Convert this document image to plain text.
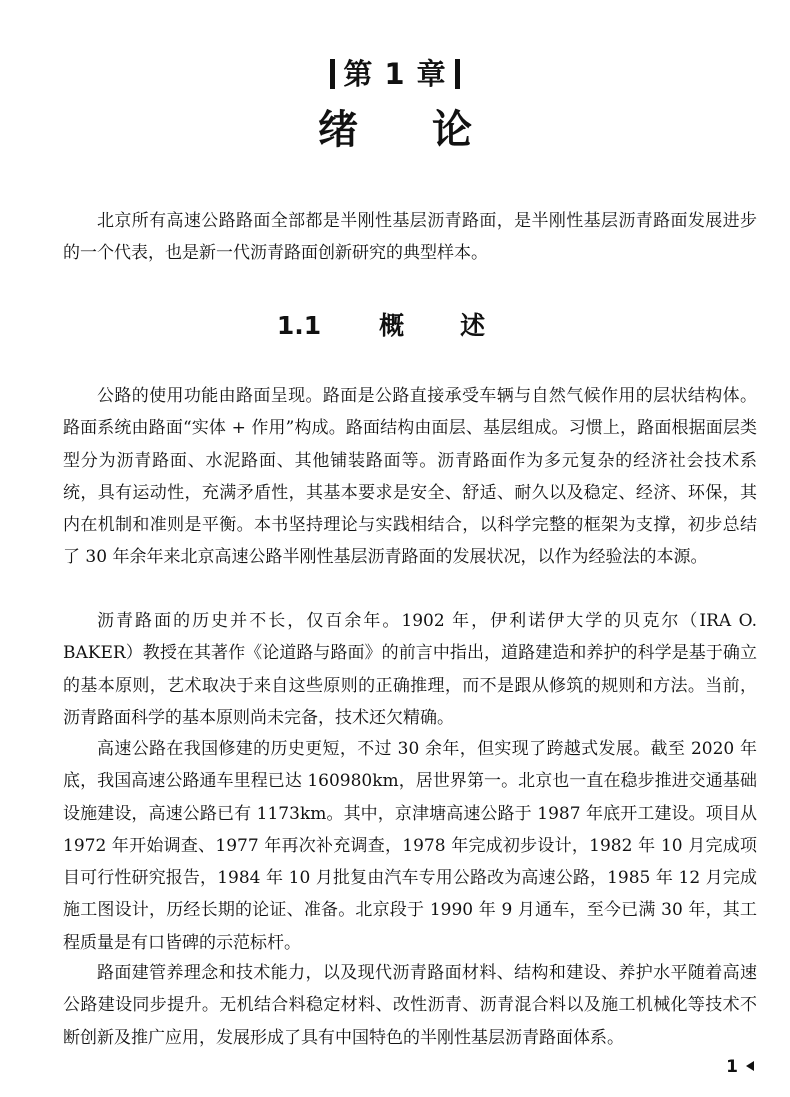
第 1 章
绪 论

北京所有高速公路路面全部都是半刚性基层沥青路面，是半刚性基层沥青路面发展进步的一个代表，也是新一代沥青路面创新研究的典型样本。

1.1 概 述

公路的使用功能由路面呈现。路面是公路直接承受车辆与自然气候作用的层状结构体。路面系统由路面“实体 + 作用”构成。路面结构由面层、基层组成。习惯上，路面根据面层类型分为沥青路面、水泥路面、其他铺装路面等。沥青路面作为多元复杂的经济社会技术系统，具有运动性，充满矛盾性，其基本要求是安全、舒适、耐久以及稳定、经济、环保，其内在机制和准则是平衡。本书坚持理论与实践相结合，以科学完整的框架为支撑，初步总结了 30 年余年来北京高速公路半刚性基层沥青路面的发展状况，以作为经验法的本源。

沥青路面的历史并不长，仅百余年。1902 年，伊利诺伊大学的贝克尔（IRA O. BAKER）教授在其著作《论道路与路面》的前言中指出，道路建造和养护的科学是基于确立的基本原则，艺术取决于来自这些原则的正确推理，而不是跟从修筑的规则和方法。当前，沥青路面科学的基本原则尚未完备，技术还欠精确。

高速公路在我国修建的历史更短，不过 30 余年，但实现了跨越式发展。截至 2020 年底，我国高速公路通车里程已达 160980km，居世界第一。北京也一直在稳步推进交通基础设施建设，高速公路已有 1173km。其中，京津塘高速公路于 1987 年底开工建设。项目从 1972 年开始调查、1977 年再次补充调查，1978 年完成初步设计，1982 年 10 月完成项目可行性研究报告，1984 年 10 月批复由汽车专用公路改为高速公路，1985 年 12 月完成施工图设计，历经长期的论证、准备。北京段于 1990 年 9 月通车，至今已满 30 年，其工程质量是有口皆碑的示范标杆。

路面建管养理念和技术能力，以及现代沥青路面材料、结构和建设、养护水平随着高速公路建设同步提升。无机结合料稳定材料、改性沥青、沥青混合料以及施工机械化等技术不断创新及推广应用，发展形成了具有中国特色的半刚性基层沥青路面体系。

1
